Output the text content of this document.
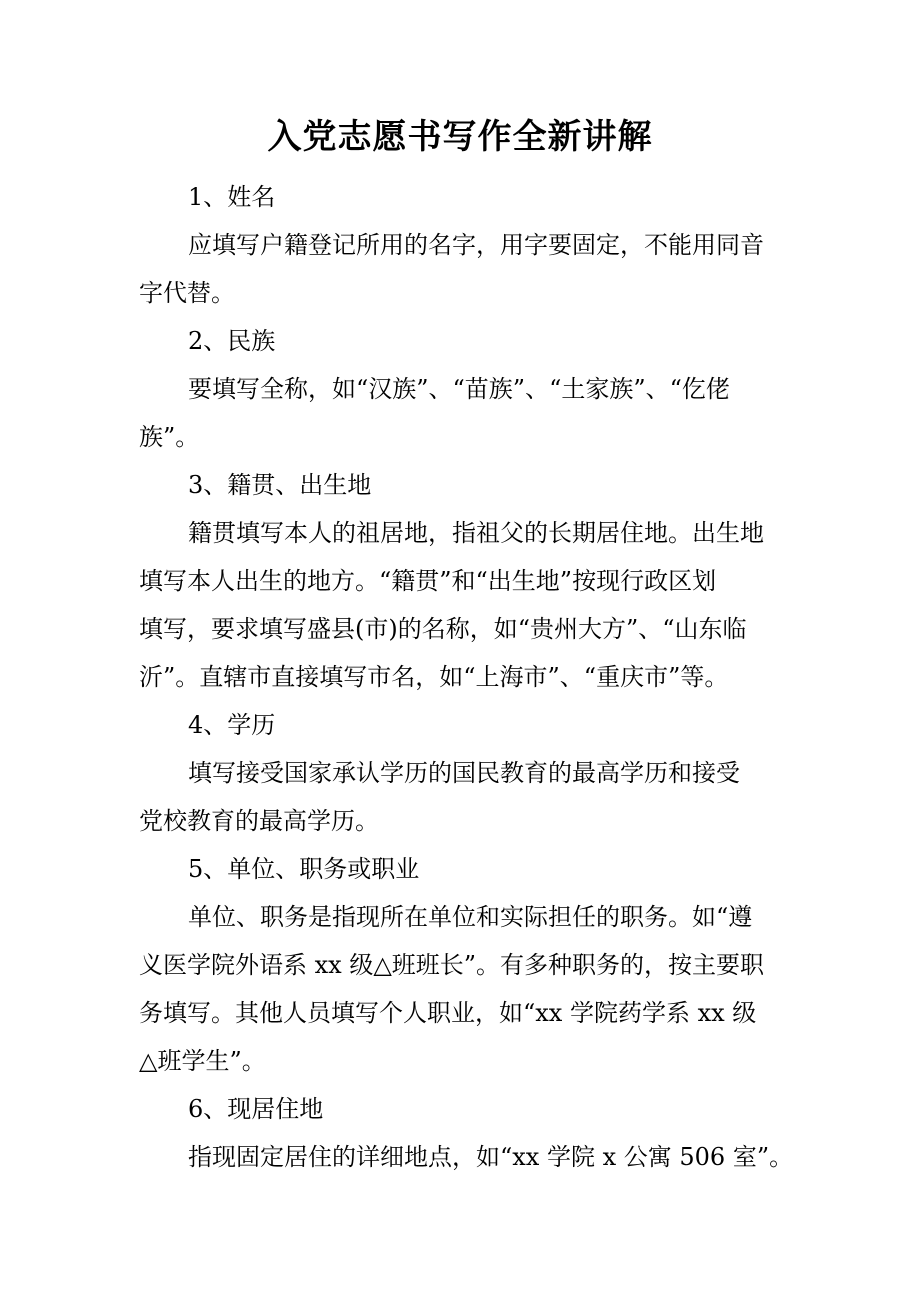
入党志愿书写作全新讲解
1、姓名
应填写户籍登记所用的名字，用字要固定，不能用同音
字代替。
2、民族
要填写全称，如“汉族”、“苗族”、“土家族”、“仡佬
族”。
3、籍贯、出生地
籍贯填写本人的祖居地，指祖父的长期居住地。出生地
填写本人出生的地方。“籍贯”和“出生地”按现行政区划
填写，要求填写盛县(市)的名称，如“贵州大方”、“山东临
沂”。直辖市直接填写市名，如“上海市”、“重庆市”等。
4、学历
填写接受国家承认学历的国民教育的最高学历和接受
党校教育的最高学历。
5、单位、职务或职业
单位、职务是指现所在单位和实际担任的职务。如“遵
义医学院外语系 xx 级△班班长”。有多种职务的，按主要职
务填写。其他人员填写个人职业，如“xx 学院药学系 xx 级
△班学生”。
6、现居住地
指现固定居住的详细地点，如“xx 学院 x 公寓 506 室”。
